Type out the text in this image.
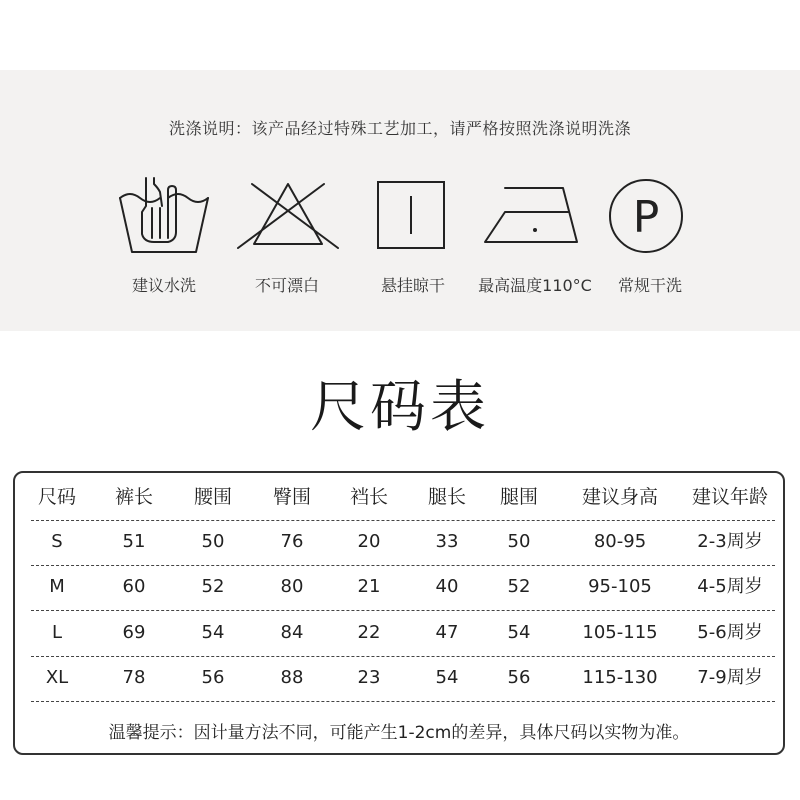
洗涤说明：该产品经过特殊工艺加工，请严格按照洗涤说明洗涤
P
建议水洗	不可漂白	悬挂晾干	最高温度110°C	常规干洗
尺码表
尺码	裤长	腰围	臀围	裆长	腿长	腿围	建议身高	建议年龄
S	51	50	76	20	33	50	80-95	2-3周岁
M	60	52	80	21	40	52	95-105	4-5周岁
L	69	54	84	22	47	54	105-115	5-6周岁
XL	78	56	88	23	54	56	115-130	7-9周岁
温馨提示：因计量方法不同，可能产生1-2cm的差异，具体尺码以实物为准。
